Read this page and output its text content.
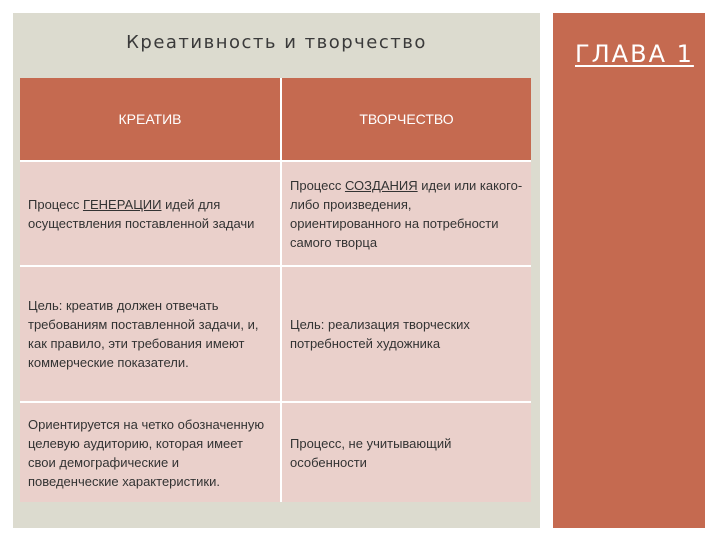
ГЛАВА 1
Креативность и творчество
КРЕАТИВ	ТВОРЧЕСТВО
Процесс ГЕНЕРАЦИИ идей для осуществления поставленной задачи	Процесс СОЗДАНИЯ идеи или какого-либо произведения, ориентированного на потребности самого творца
Цель: креатив должен отвечать требованиям поставленной задачи, и, как правило, эти требования имеют коммерческие показатели.	Цель: реализация творческих потребностей художника
Ориентируется на четко обозначенную целевую аудиторию, которая имеет свои демографические и поведенческие характеристики.	Процесс, не учитывающий особенности
